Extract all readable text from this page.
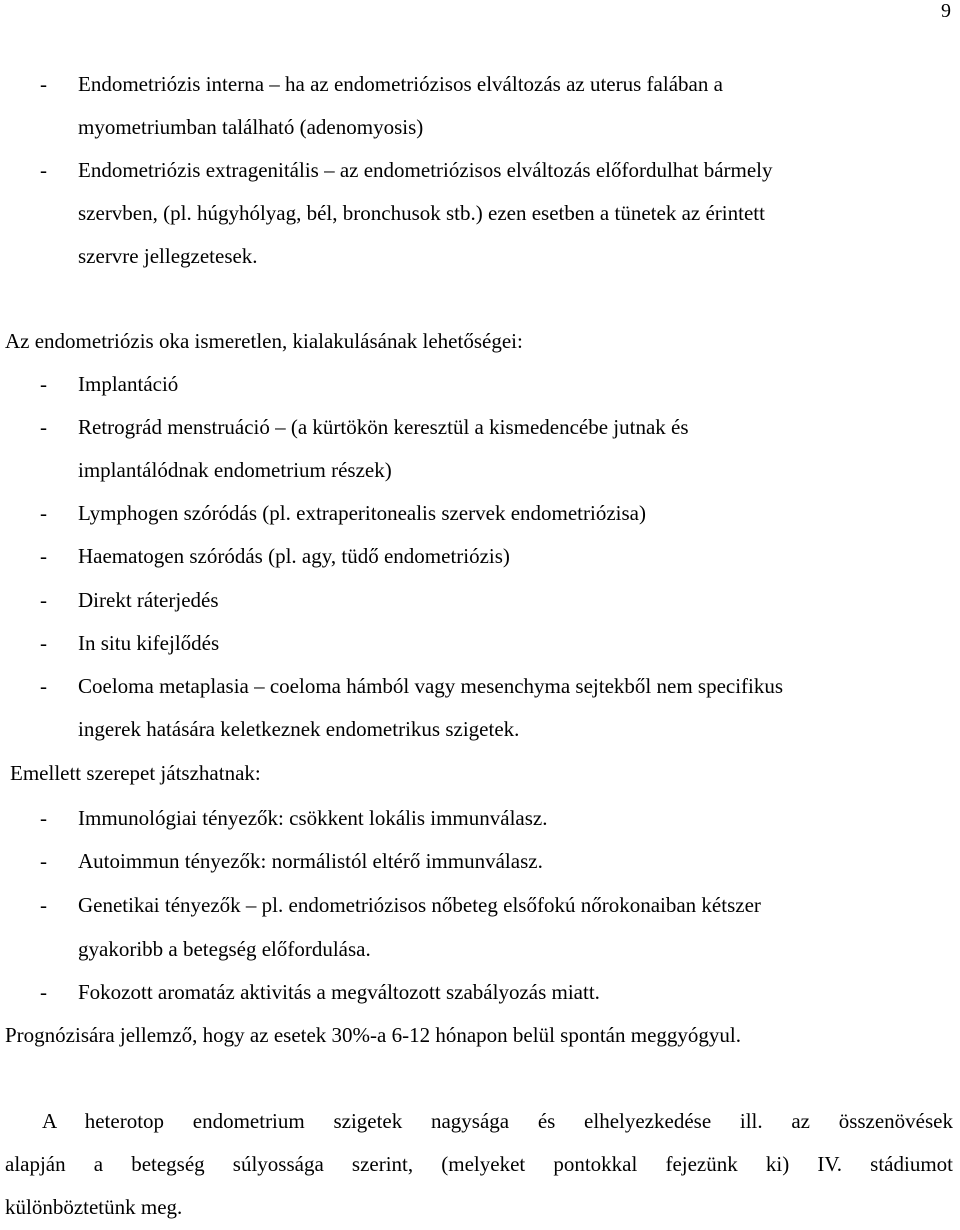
9

- Endometriózis interna – ha az endometriózisos elváltozás az uterus falában a

myometriumban található (adenomyosis)

- Endometriózis extragenitális – az endometriózisos elváltozás előfordulhat bármely

szervben, (pl. húgyhólyag, bél, bronchusok stb.) ezen esetben a tünetek az érintett

szervre jellegzetesek.

Az endometriózis oka ismeretlen, kialakulásának lehetőségei:

- Implantáció

- Retrográd menstruáció – (a kürtökön keresztül a kismedencébe jutnak és

implantálódnak endometrium részek)

- Lymphogen szóródás (pl. extraperitonealis szervek endometriózisa)

- Haematogen szóródás (pl. agy, tüdő endometriózis)

- Direkt ráterjedés

- In situ kifejlődés

- Coeloma metaplasia – coeloma hámból vagy mesenchyma sejtekből nem specifikus

ingerek hatására keletkeznek endometrikus szigetek.

Emellett szerepet játszhatnak:

- Immunológiai tényezők: csökkent lokális immunválasz.

- Autoimmun tényezők: normálistól eltérő immunválasz.

- Genetikai tényezők – pl. endometriózisos nőbeteg elsőfokú nőrokonaiban kétszer

gyakoribb a betegség előfordulása.

- Fokozott aromatáz aktivitás a megváltozott szabályozás miatt.

Prognózisára jellemző, hogy az esetek 30%-a 6-12 hónapon belül spontán meggyógyul.

A heterotop endometrium szigetek nagysága és elhelyezkedése ill. az összenövések

alapján a betegség súlyossága szerint, (melyeket pontokkal fejezünk ki) IV. stádiumot

különböztetünk meg.
